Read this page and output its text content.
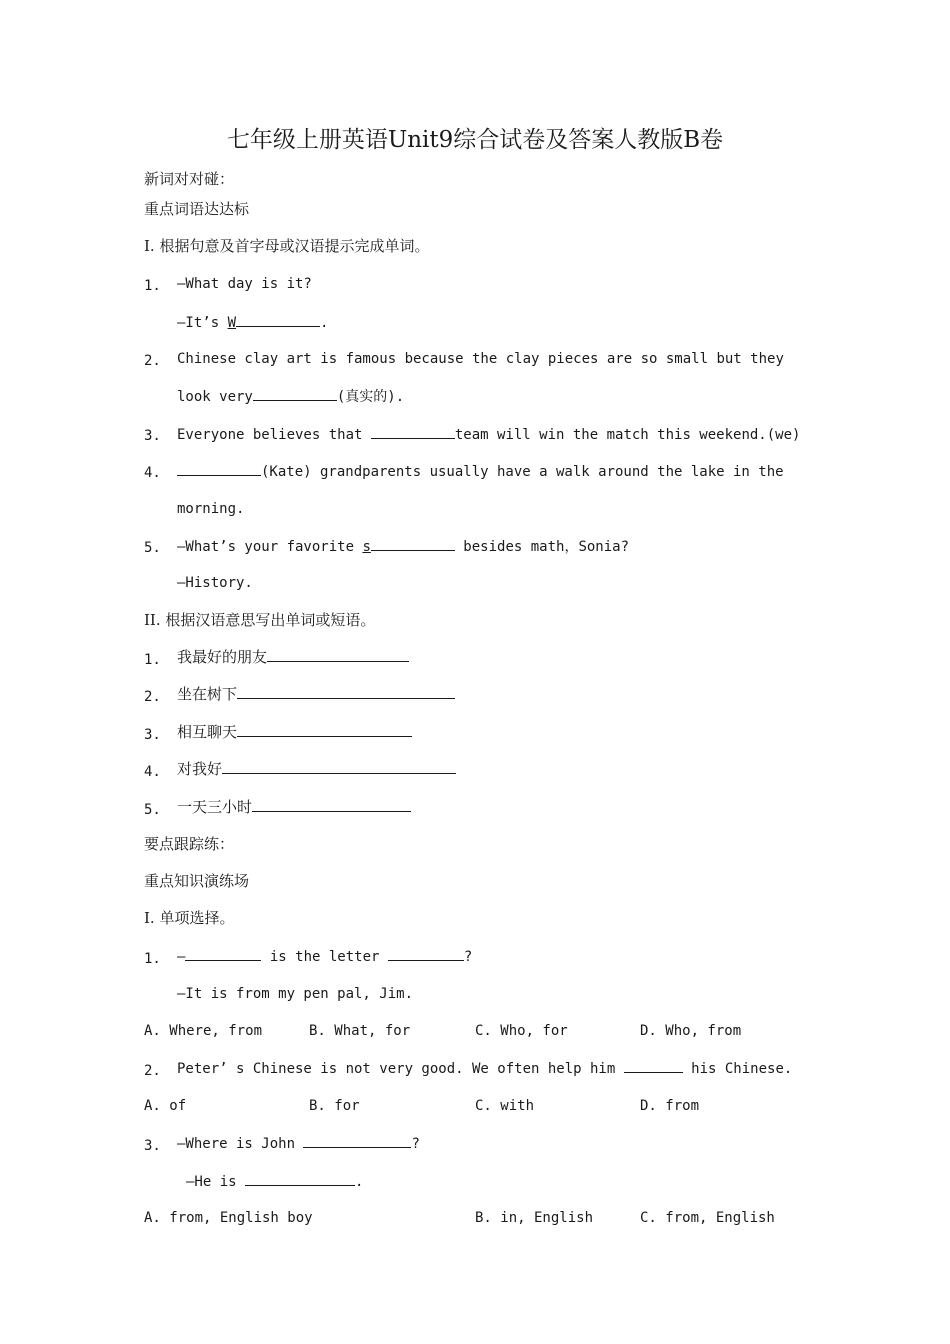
七年级上册英语Unit9综合试卷及答案人教版B卷
新词对对碰：
重点词语达达标
I. 根据句意及首字母或汉语提示完成单词。
1. —What day is it?
—It’s W	.
2. Chinese clay art is famous because the clay pieces are so small but they
look very	(真实的).
3. Everyone believes that	team will win the match this weekend.(we)
4.	(Kate) grandparents usually have a walk around the lake in the
morning.
5. —What’s your favorite s	besides math，Sonia?
—History.
II. 根据汉语意思写出单词或短语。
1. 我最好的朋友
2. 坐在树下
3. 相互聊天
4. 对我好
5. 一天三小时
要点跟踪练：
重点知识演练场
I. 单项选择。
1. —	is the letter	?
—It is from my pen pal, Jim.
A. Where, from	B. What, for	C. Who, for	D. Who, from
2. Peter’ s Chinese is not very good. We often help him	his Chinese.
A. of	B. for	C. with	D. from
3. —Where is John	?
—He is	.
A. from, English boy	B. in, English	C. from, English
